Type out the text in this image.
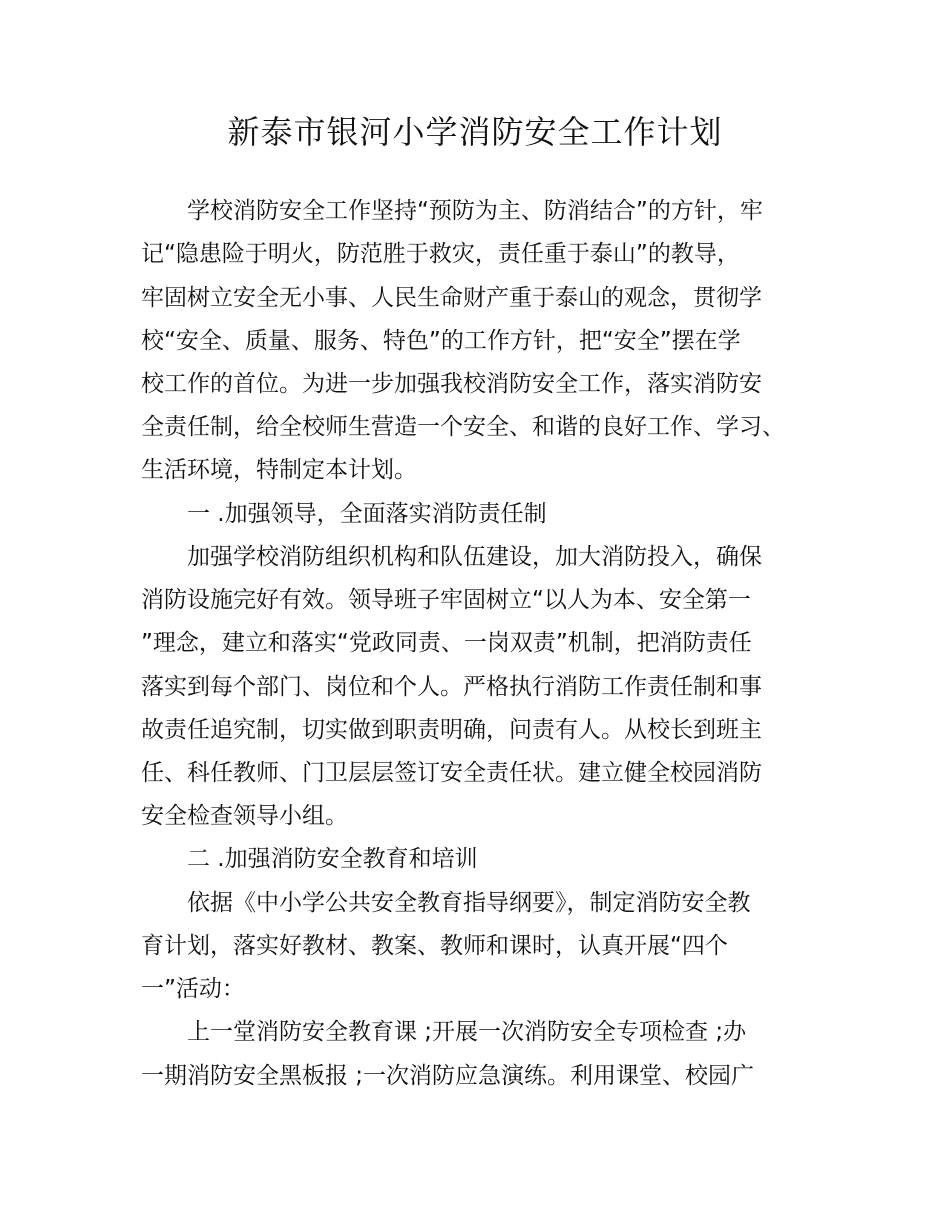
新泰市银河小学消防安全工作计划

学校消防安全工作坚持“预防为主、防消结合”的方针，牢

记“隐患险于明火，防范胜于救灾，责任重于泰山”的教导，

牢固树立安全无小事、人民生命财产重于泰山的观念，贯彻学

校“安全、质量、服务、特色”的工作方针，把“安全”摆在学

校工作的首位。为进一步加强我校消防安全工作，落实消防安

全责任制，给全校师生营造一个安全、和谐的良好工作、学习、

生活环境，特制定本计划。

一 .加强领导，全面落实消防责任制

加强学校消防组织机构和队伍建设，加大消防投入，确保

消防设施完好有效。领导班子牢固树立“以人为本、安全第一

”理念，建立和落实“党政同责、一岗双责”机制，把消防责任

落实到每个部门、岗位和个人。严格执行消防工作责任制和事

故责任追究制，切实做到职责明确，问责有人。从校长到班主

任、科任教师、门卫层层签订安全责任状。建立健全校园消防

安全检查领导小组。

二 .加强消防安全教育和培训

依据《中小学公共安全教育指导纲要》，制定消防安全教

育计划，落实好教材、教案、教师和课时，认真开展“四个

一”活动：

上一堂消防安全教育课 ;开展一次消防安全专项检查 ;办

一期消防安全黑板报 ;一次消防应急演练。利用课堂、校园广
